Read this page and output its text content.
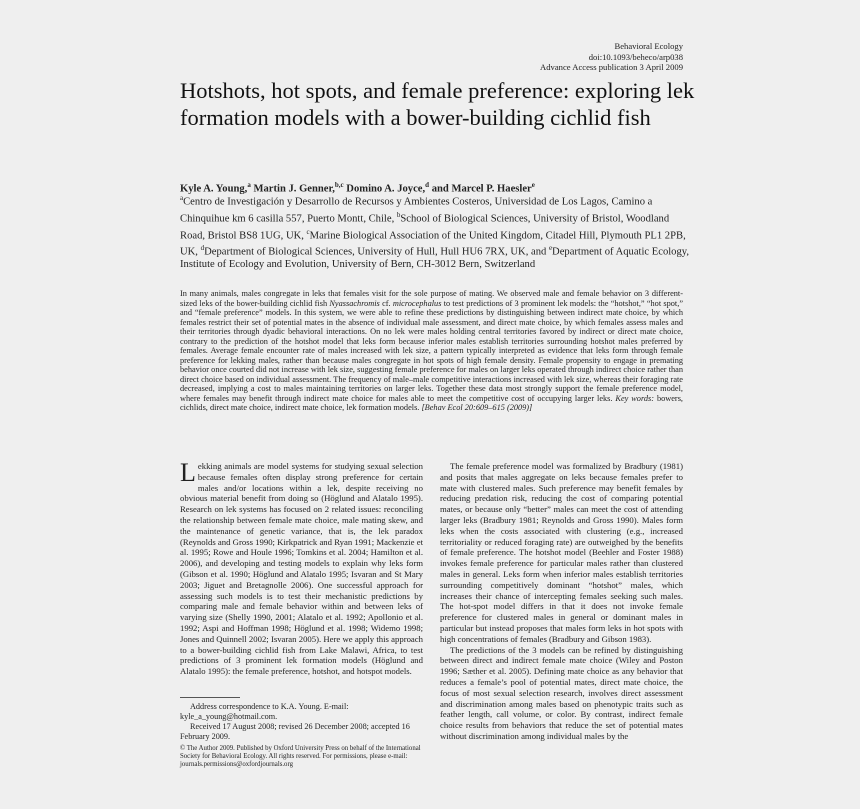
Behavioral Ecology
doi:10.1093/beheco/arp038
Advance Access publication 3 April 2009
Hotshots, hot spots, and female preference: exploring lek formation models with a bower-building cichlid fish
Kyle A. Young,$^a$ Martin J. Genner,$^{b,c}$ Domino A. Joyce,$^d$ and Marcel P. Haesler$^e$
$^a$Centro de Investigación y Desarrollo de Recursos y Ambientes Costeros, Universidad de Los Lagos, Camino a Chinquihue km 6 casilla 557, Puerto Montt, Chile, $^b$School of Biological Sciences, University of Bristol, Woodland Road, Bristol BS8 1UG, UK, $^c$Marine Biological Association of the United Kingdom, Citadel Hill, Plymouth PL1 2PB, UK, $^d$Department of Biological Sciences, University of Hull, Hull HU6 7RX, UK, and $^e$Department of Aquatic Ecology, Institute of Ecology and Evolution, University of Bern, CH-3012 Bern, Switzerland
In many animals, males congregate in leks that females visit for the sole purpose of mating. We observed male and female behavior on 3 different-sized leks of the bower-building cichlid fish Nyassachromis cf. microcephalus to test predictions of 3 prominent lek models: the “hotshot,” “hot spot,” and “female preference” models. In this system, we were able to refine these predictions by distinguishing between indirect mate choice, by which females restrict their set of potential mates in the absence of individual male assessment, and direct mate choice, by which females assess males and their territories through dyadic behavioral interactions. On no lek were males holding central territories favored by indirect or direct mate choice, contrary to the prediction of the hotshot model that leks form because inferior males establish territories surrounding hotshot males preferred by females. Average female encounter rate of males increased with lek size, a pattern typically interpreted as evidence that leks form through female preference for lekking males, rather than because males congregate in hot spots of high female density. Female propensity to engage in premating behavior once courted did not increase with lek size, suggesting female preference for males on larger leks operated through indirect choice rather than direct choice based on individual assessment. The frequency of male–male competitive interactions increased with lek size, whereas their foraging rate decreased, implying a cost to males maintaining territories on larger leks. Together these data most strongly support the female preference model, where females may benefit through indirect mate choice for males able to meet the competitive cost of occupying larger leks. Key words: bowers, cichlids, direct mate choice, indirect mate choice, lek formation models. [Behav Ecol 20:609–615 (2009)]

Lekking animals are model systems for studying sexual selection because females often display strong preference for certain males and/or locations within a lek, despite receiving no obvious material benefit from doing so (Höglund and Alatalo 1995). Research on lek systems has focused on 2 related issues: reconciling the relationship between female mate choice, male mating skew, and the maintenance of genetic variance, that is, the lek paradox (Reynolds and Gross 1990; Kirkpatrick and Ryan 1991; Mackenzie et al. 1995; Rowe and Houle 1996; Tomkins et al. 2004; Hamilton et al. 2006), and developing and testing models to explain why leks form (Gibson et al. 1990; Höglund and Alatalo 1995; Isvaran and St Mary 2003; Jiguet and Bretagnolle 2006). One successful approach for assessing such models is to test their mechanistic predictions by comparing male and female behavior within and between leks of varying size (Shelly 1990, 2001; Alatalo et al. 1992; Apollonio et al. 1992; Aspi and Hoffman 1998; Höglund et al. 1998; Widemo 1998; Jones and Quinnell 2002; Isvaran 2005). Here we apply this approach to a bower-building cichlid fish from Lake Malawi, Africa, to test predictions of 3 prominent lek formation models (Höglund and Alatalo 1995): the female preference, hotshot, and hotspot models.

The female preference model was formalized by Bradbury (1981) and posits that males aggregate on leks because females prefer to mate with clustered males. Such preference may benefit females by reducing predation risk, reducing the cost of comparing potential mates, or because only “better” males can meet the cost of attending larger leks (Bradbury 1981; Reynolds and Gross 1990). Males form leks when the costs associated with clustering (e.g., increased territoriality or reduced foraging rate) are outweighed by the benefits of female preference. The hotshot model (Beehler and Foster 1988) invokes female preference for particular males rather than clustered males in general. Leks form when inferior males establish territories surrounding competitively dominant “hotshot” males, which increases their chance of intercepting females seeking such males. The hot-spot model differs in that it does not invoke female preference for clustered males in general or dominant males in particular but instead proposes that males form leks in hot spots with high concentrations of females (Bradbury and Gibson 1983).

The predictions of the 3 models can be refined by distinguishing between direct and indirect female mate choice (Wiley and Poston 1996; Sæther et al. 2005). Defining mate choice as any behavior that reduces a female’s pool of potential mates, direct mate choice, the focus of most sexual selection research, involves direct assessment and discrimination among males based on phenotypic traits such as feather length, call volume, or color. By contrast, indirect female choice results from behaviors that reduce the set of potential mates without discrimination among individual males by the

Address correspondence to K.A. Young. E-mail: kyle_a_young@hotmail.com.

Received 17 August 2008; revised 26 December 2008; accepted 16 February 2009.

© The Author 2009. Published by Oxford University Press on behalf of the International Society for Behavioral Ecology. All rights reserved. For permissions, please e-mail: journals.permissions@oxfordjournals.org
